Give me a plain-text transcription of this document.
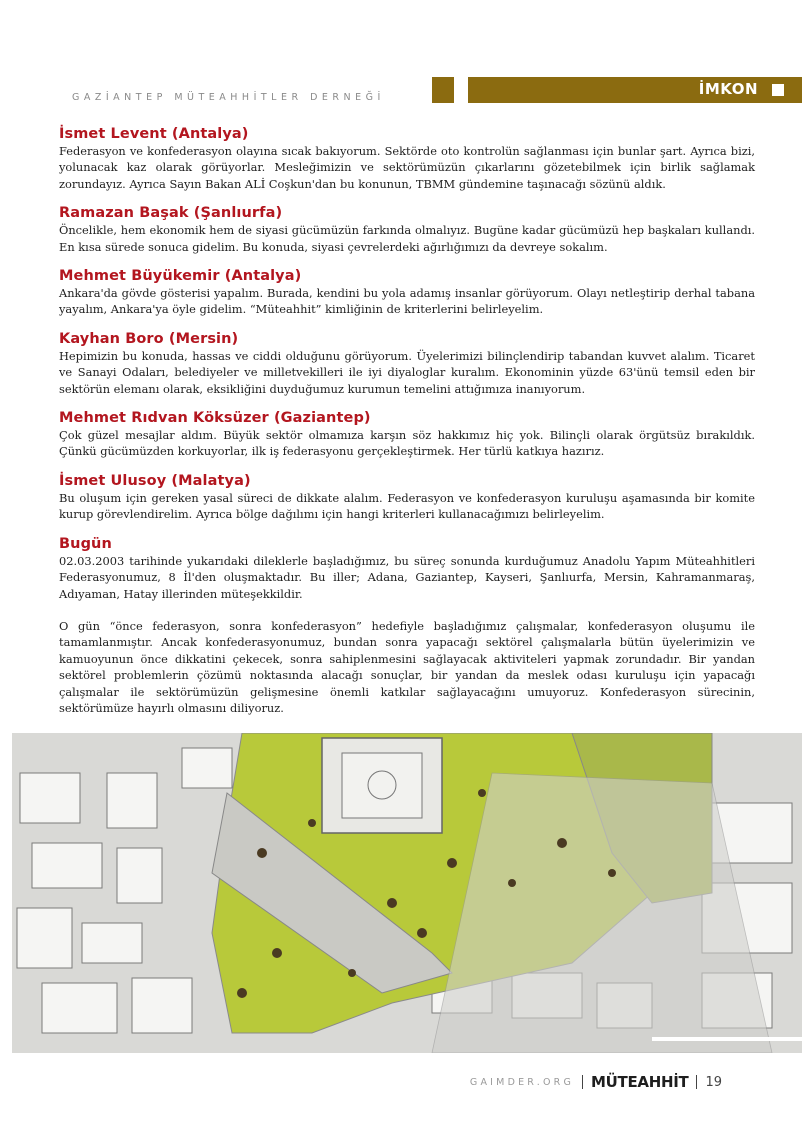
GAZİANTEP MÜTEAHHİTLER DERNEĞİ	İMKON
İsmet Levent (Antalya)

Federasyon ve konfederasyon olayına sıcak bakıyorum. Sektörde oto kontrolün sağlanması için bunlar şart. Ayrıca bizi, yolunacak kaz olarak görüyorlar. Mesleğimizin ve sektörümüzün çıkarlarını gözetebilmek için birlik sağlamak zorundayız. Ayrıca Sayın Bakan ALİ Coşkun'dan bu konunun, TBMM gündemine taşınacağı sözünü aldık.

Ramazan Başak (Şanlıurfa)

Öncelikle, hem ekonomik hem de siyasi gücümüzün farkında olmalıyız. Bugüne kadar gücümüzü hep başkaları kullandı. En kısa sürede sonuca gidelim. Bu konuda, siyasi çevrelerdeki ağırlığımızı da devreye sokalım.

Mehmet Büyükemir (Antalya)

Ankara'da gövde gösterisi yapalım. Burada, kendini bu yola adamış insanlar görüyorum. Olayı netleştirip derhal tabana yayalım, Ankara'ya öyle gidelim. “Müteahhit” kimliğinin de kriterlerini belirleyelim.

Kayhan Boro (Mersin)

Hepimizin bu konuda, hassas ve ciddi olduğunu görüyorum. Üyelerimizi bilinçlendirip tabandan kuvvet alalım. Ticaret ve Sanayi Odaları, belediyeler ve milletvekilleri ile iyi diyaloglar kuralım. Ekonominin yüzde 63'ünü temsil eden bir sektörün elemanı olarak, eksikliğini duyduğumuz kurumun temelini attığımıza inanıyorum.

Mehmet Rıdvan Köksüzer (Gaziantep)

Çok güzel mesajlar aldım. Büyük sektör olmamıza karşın söz hakkımız hiç yok. Bilinçli olarak örgütsüz bırakıldık. Çünkü gücümüzden korkuyorlar, ilk iş federasyonu gerçekleştirmek. Her türlü katkıya hazırız.

İsmet Ulusoy (Malatya)

Bu oluşum için gereken yasal süreci de dikkate alalım. Federasyon ve konfederasyon kuruluşu aşamasında bir komite kurup görevlendirelim. Ayrıca bölge dağılımı için hangi kriterleri kullanacağımızı belirleyelim.

Bugün

02.03.2003 tarihinde yukarıdaki dileklerle başladığımız, bu süreç sonunda kurduğumuz Anadolu Yapım Müteahhitleri Federasyonumuz, 8 İl'den oluşmaktadır. Bu iller; Adana, Gaziantep, Kayseri, Şanlıurfa, Mersin, Kahramanmaraş, Adıyaman, Hatay illerinden müteşekkildir.

O gün “önce federasyon, sonra konfederasyon” hedefiyle başladığımız çalışmalar, konfederasyon oluşumu ile tamamlanmıştır. Ancak konfederasyonumuz, bundan sonra yapacağı sektörel çalışmalarla bütün üyelerimizin ve kamuoyunun önce dikkatini çekecek, sonra sahiplenmesini sağlayacak aktiviteleri yapmak zorundadır. Bir yandan sektörel problemlerin çözümü noktasında alacağı sonuçlar, bir yandan da meslek odası kuruluşu için yapacağı çalışmalar ile sektörümüzün gelişmesine önemli katkılar sağlayacağını umuyoruz. Konfederasyon sürecinin, sektörümüze hayırlı olmasını diliyoruz.

GAIMDER.ORG MÜTEAHHİT 19
